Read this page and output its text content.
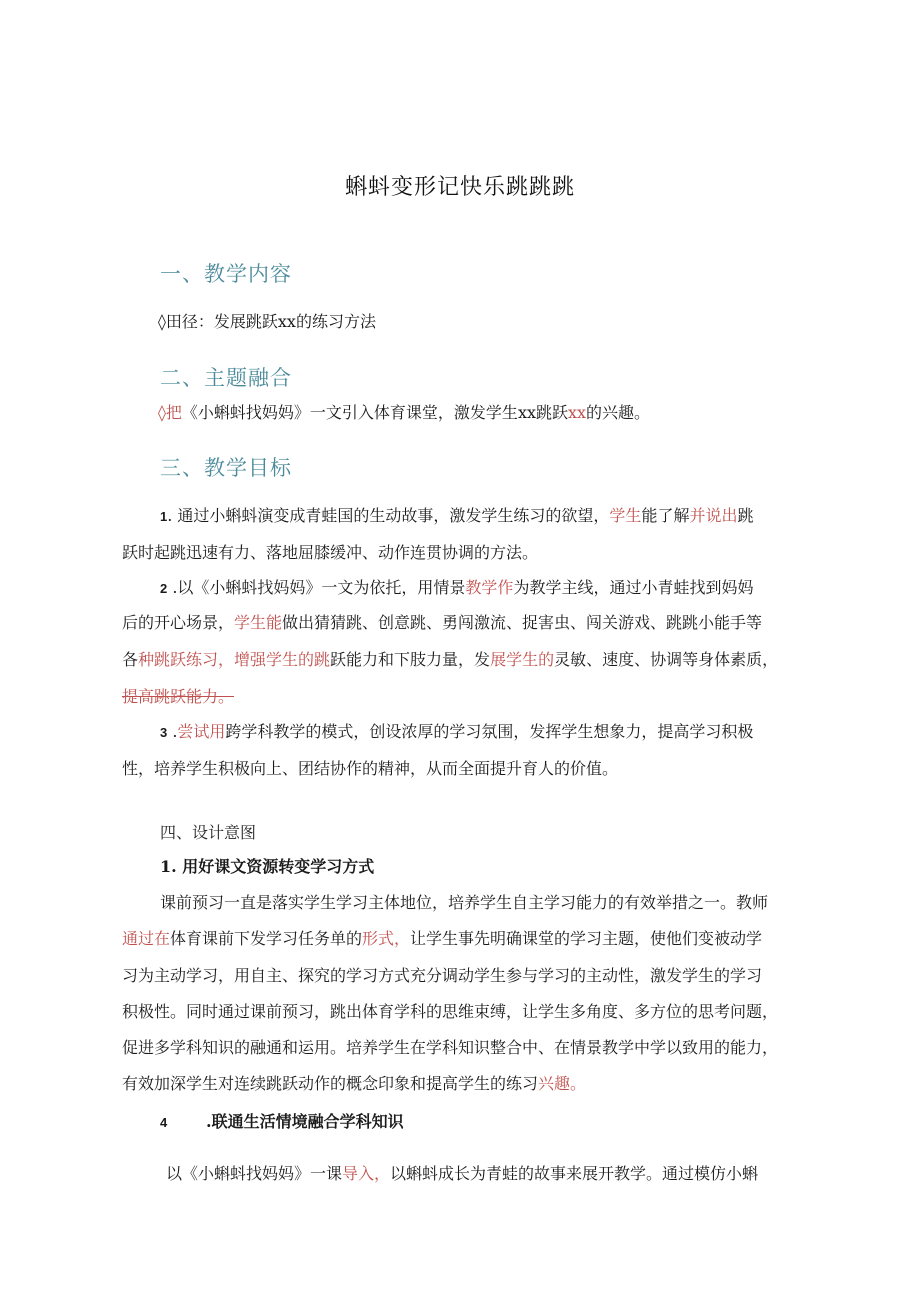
蝌蚪变形记快乐跳跳跳
一、教学内容
◊田径：发展跳跃xx的练习方法
二、主题融合
◊把《小蝌蚪找妈妈》一文引入体育课堂，激发学生xx跳跃xx的兴趣。
三、教学目标
1. 通过小蝌蚪演变成青蛙国的生动故事，激发学生练习的欲望，学生能了解并说出跳
跃时起跳迅速有力、落地屈膝缓冲、动作连贯协调的方法。
2 .以《小蝌蚪找妈妈》一文为依托，用情景教学作为教学主线，通过小青蛙找到妈妈
后的开心场景，学生能做出猜猜跳、创意跳、勇闯激流、捉害虫、闯关游戏、跳跳小能手等
各种跳跃练习，增强学生的跳跃能力和下肢力量，发展学生的灵敏、速度、协调等身体素质，
提高跳跃能力。
3 .尝试用跨学科教学的模式，创设浓厚的学习氛围，发挥学生想象力，提高学习积极
性，培养学生积极向上、团结协作的精神，从而全面提升育人的价值。
四、设计意图
1. 用好课文资源转变学习方式
课前预习一直是落实学生学习主体地位，培养学生自主学习能力的有效举措之一。教师
通过在体育课前下发学习任务单的形式，让学生事先明确课堂的学习主题，使他们变被动学
习为主动学习，用自主、探究的学习方式充分调动学生参与学习的主动性，激发学生的学习
积极性。同时通过课前预习，跳出体育学科的思维束缚，让学生多角度、多方位的思考问题，
促进多学科知识的融通和运用。培养学生在学科知识整合中、在情景教学中学以致用的能力，
有效加深学生对连续跳跃动作的概念印象和提高学生的练习兴趣。
4 .联通生活情境融合学科知识
以《小蝌蚪找妈妈》一课导入，以蝌蚪成长为青蛙的故事来展开教学。通过模仿小蝌
